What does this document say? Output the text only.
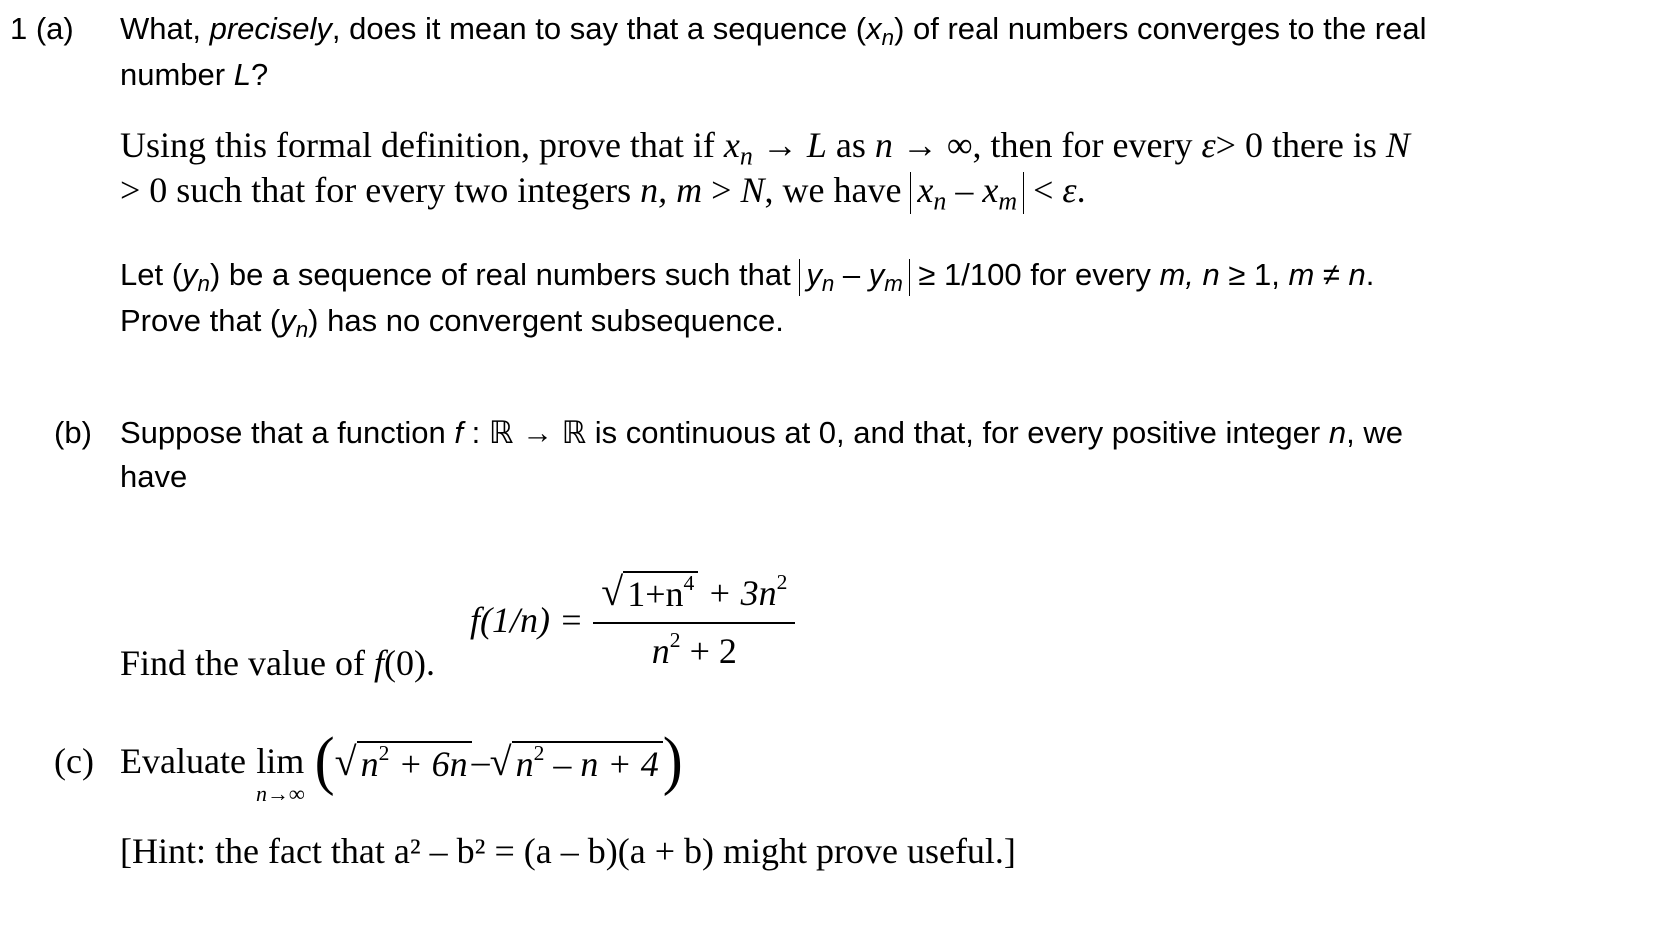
1 (a) What, precisely, does it mean to say that a sequence $(x_n)$ of real numbers converges to the real
number L?
Using this formal definition, prove that if $x_n \to L$ as n → ∞, then for every ε> 0 there is N
> 0 such that for every two integers n, m > N, we have $x_n - x_m < \varepsilon$.
Let $(y_n)$ be a sequence of real numbers such that $y_n - y_m \ge 1/100$ for every m, n ≥ 1, m ≠ n.
Prove that $(y_n)$ has no convergent subsequence.
(b) Suppose that a function f : ℝ → ℝ is continuous at 0, and that, for every positive integer n, we
have
$f(1/n) = \frac{√ 1+n^4 + 3n^2}{n^2 + 2}$
Find the value of f(0).
(c) Evaluate lim
n→∞ ( √ $n^2 + 6n$ – √ $n^2 - n + 4$ )
[Hint: the fact that a² – b² = (a – b)(a + b) might prove useful.]
